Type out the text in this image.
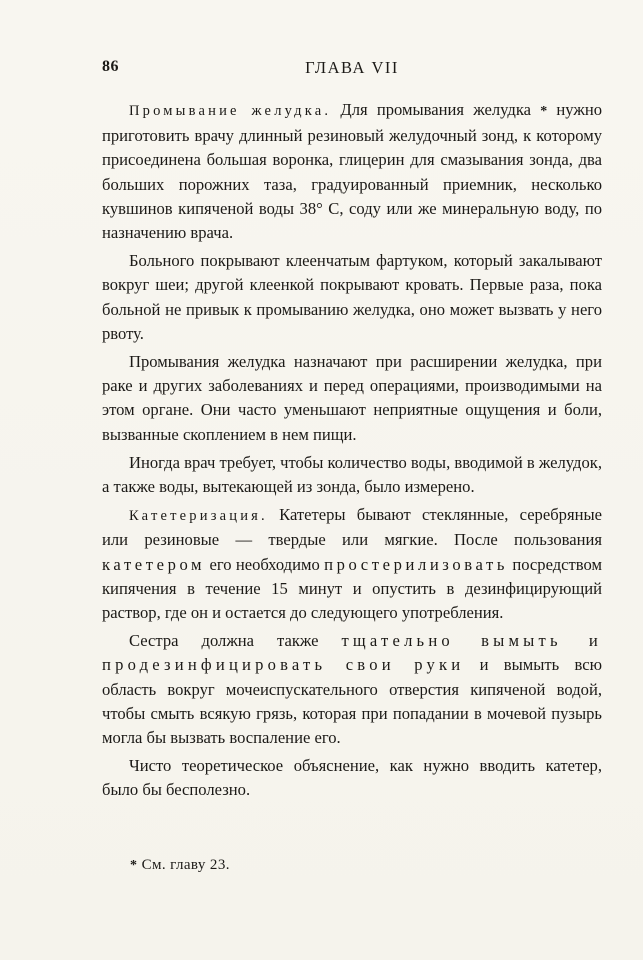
86	ГЛАВА VII

Промывание желудка. Для промывания желудка * нужно приготовить врачу длинный резиновый желудочный зонд, к которому присоединена большая воронка, глицерин для смазывания зонда, два больших порожних таза, градуированный приемник, несколько кувшинов кипяченой воды 38° С, соду или же минеральную воду, по назначению врача.

Больного покрывают клеенчатым фартуком, который закалывают вокруг шеи; другой клеенкой покрывают кровать. Первые раза, пока больной не привык к промыванию желудка, оно может вызвать у него рвоту.

Промывания желудка назначают при расширении желудка, при раке и других заболеваниях и перед операциями, производимыми на этом органе. Они часто уменьшают неприятные ощущения и боли, вызванные скоплением в нем пищи.

Иногда врач требует, чтобы количество воды, вводимой в желудок, а также воды, вытекающей из зонда, было измерено.

Катетеризация. Катетеры бывают стеклянные, серебряные или резиновые — твердые или мягкие. После пользования катетером его необходимо простерилизовать посредством кипячения в течение 15 минут и опустить в дезинфицирующий раствор, где он и остается до следующего употребления.

Сестра должна также тщательно вымыть и продезинфицировать свои руки и вымыть всю область вокруг мочеиспускательного отверстия кипяченой водой, чтобы смыть всякую грязь, которая при попадании в мочевой пузырь могла бы вызвать воспаление его.

Чисто теоретическое объяснение, как нужно вводить катетер, было бы бесполезно.

* См. главу 23.
